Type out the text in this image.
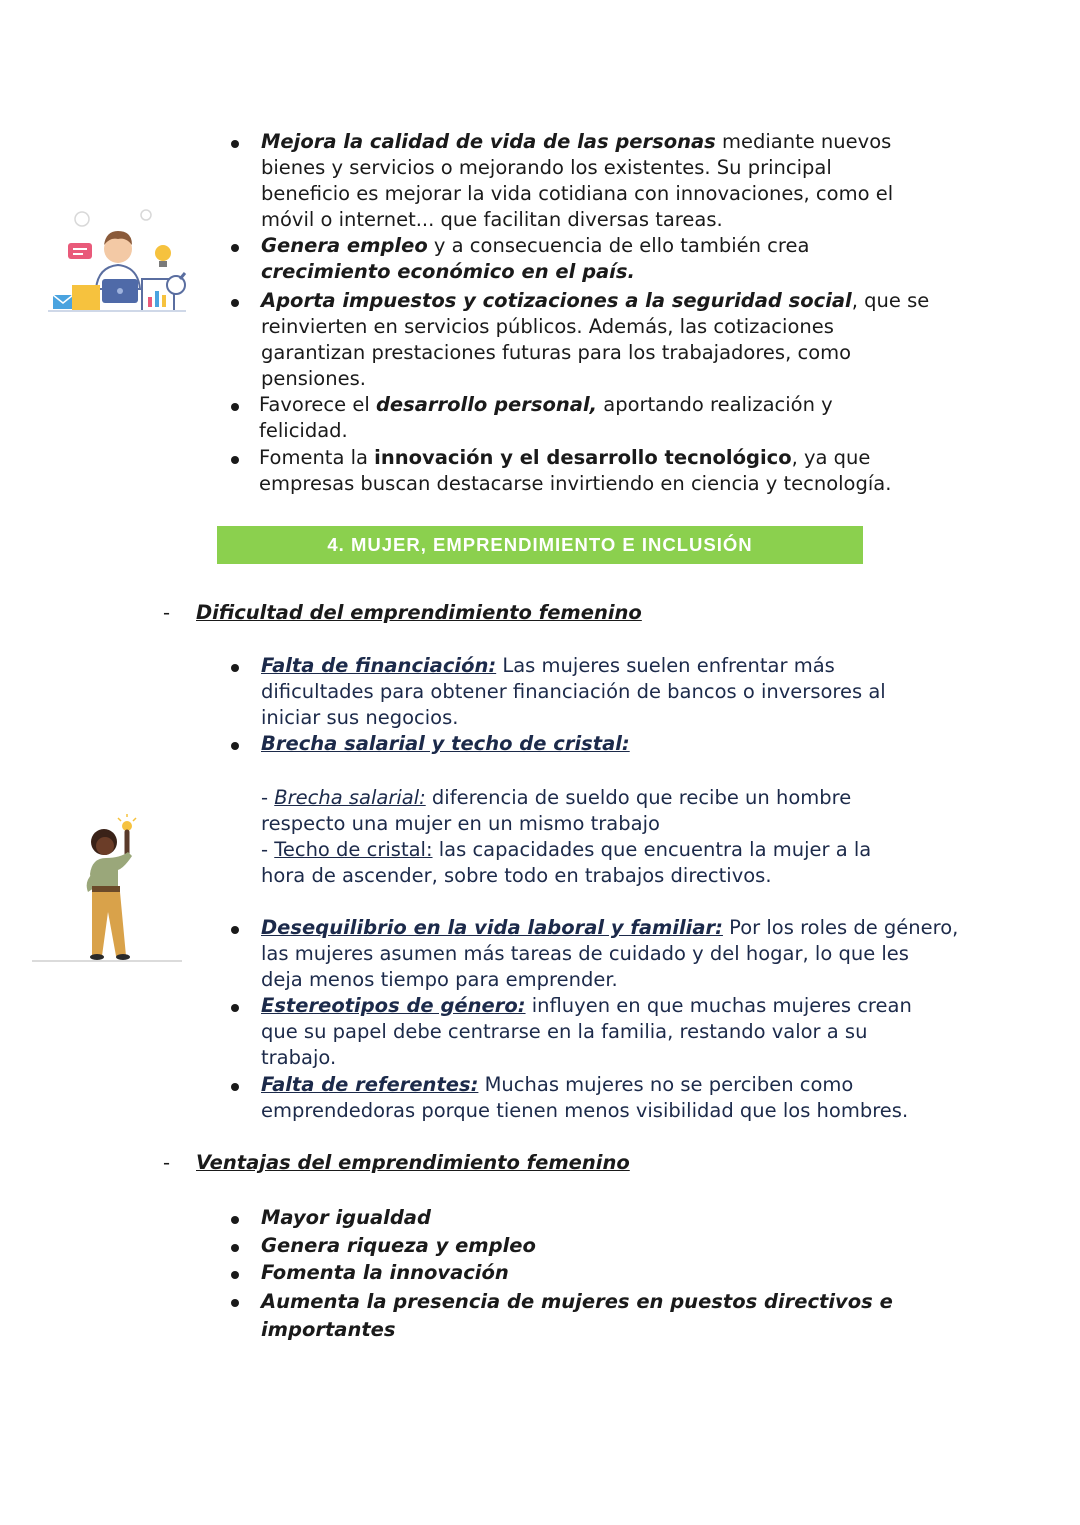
Mejora la calidad de vida de las personas mediante nuevos
bienes y servicios o mejorando los existentes. Su principal
beneficio es mejorar la vida cotidiana con innovaciones, como el
móvil o internet... que facilitan diversas tareas.
Genera empleo y a consecuencia de ello también crea
crecimiento económico en el país.
Aporta impuestos y cotizaciones a la seguridad social, que se
reinvierten en servicios públicos. Además, las cotizaciones
garantizan prestaciones futuras para los trabajadores, como
pensiones.
Favorece el desarrollo personal, aportando realización y
felicidad.
Fomenta la innovación y el desarrollo tecnológico, ya que
empresas buscan destacarse invirtiendo en ciencia y tecnología.
4. MUJER, EMPRENDIMIENTO E INCLUSIÓN
- Dificultad del emprendimiento femenino
Falta de financiación: Las mujeres suelen enfrentar más
dificultades para obtener financiación de bancos o inversores al
iniciar sus negocios.
Brecha salarial y techo de cristal:
- Brecha salarial: diferencia de sueldo que recibe un hombre
respecto una mujer en un mismo trabajo
- Techo de cristal: las capacidades que encuentra la mujer a la
hora de ascender, sobre todo en trabajos directivos.
Desequilibrio en la vida laboral y familiar: Por los roles de género,
las mujeres asumen más tareas de cuidado y del hogar, lo que les
deja menos tiempo para emprender.
Estereotipos de género: influyen en que muchas mujeres crean
que su papel debe centrarse en la familia, restando valor a su
trabajo.
Falta de referentes: Muchas mujeres no se perciben como
emprendedoras porque tienen menos visibilidad que los hombres.
- Ventajas del emprendimiento femenino
Mayor igualdad
Genera riqueza y empleo
Fomenta la innovación
Aumenta la presencia de mujeres en puestos directivos e
importantes
